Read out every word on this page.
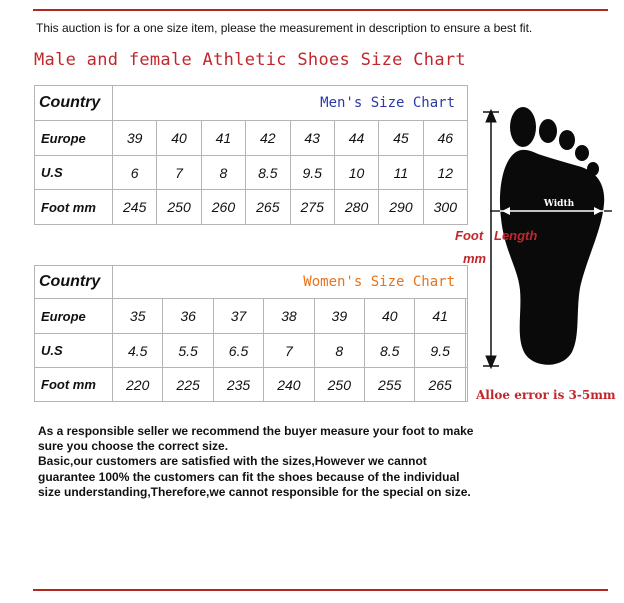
This auction is for a one size item, please the measurement in description to ensure a best fit.
Male and female Athletic Shoes Size Chart
Country	Men's Size Chart							
Europe	39	40	41	42	43	44	45	46
U.S	6	7	8	8.5	9.5	10	11	12
Foot mm	245	250	260	265	275	280	290	300
Country	Women's Size Chart							
Europe	35	36	37	38	39	40	41	
U.S	4.5	5.5	6.5	7	8	8.5	9.5	
Foot mm	220	225	235	240	250	255	265	
Width
Foot Length
mm
Alloe error is 3-5mm

As a responsible seller we recommend the buyer measure your foot to make sure you choose the correct size.

Basic,our customers are satisfied with the sizes,However we cannot guarantee 100% the customers can fit the shoes because of the individual size understanding,Therefore,we cannot responsible for the special on size.
